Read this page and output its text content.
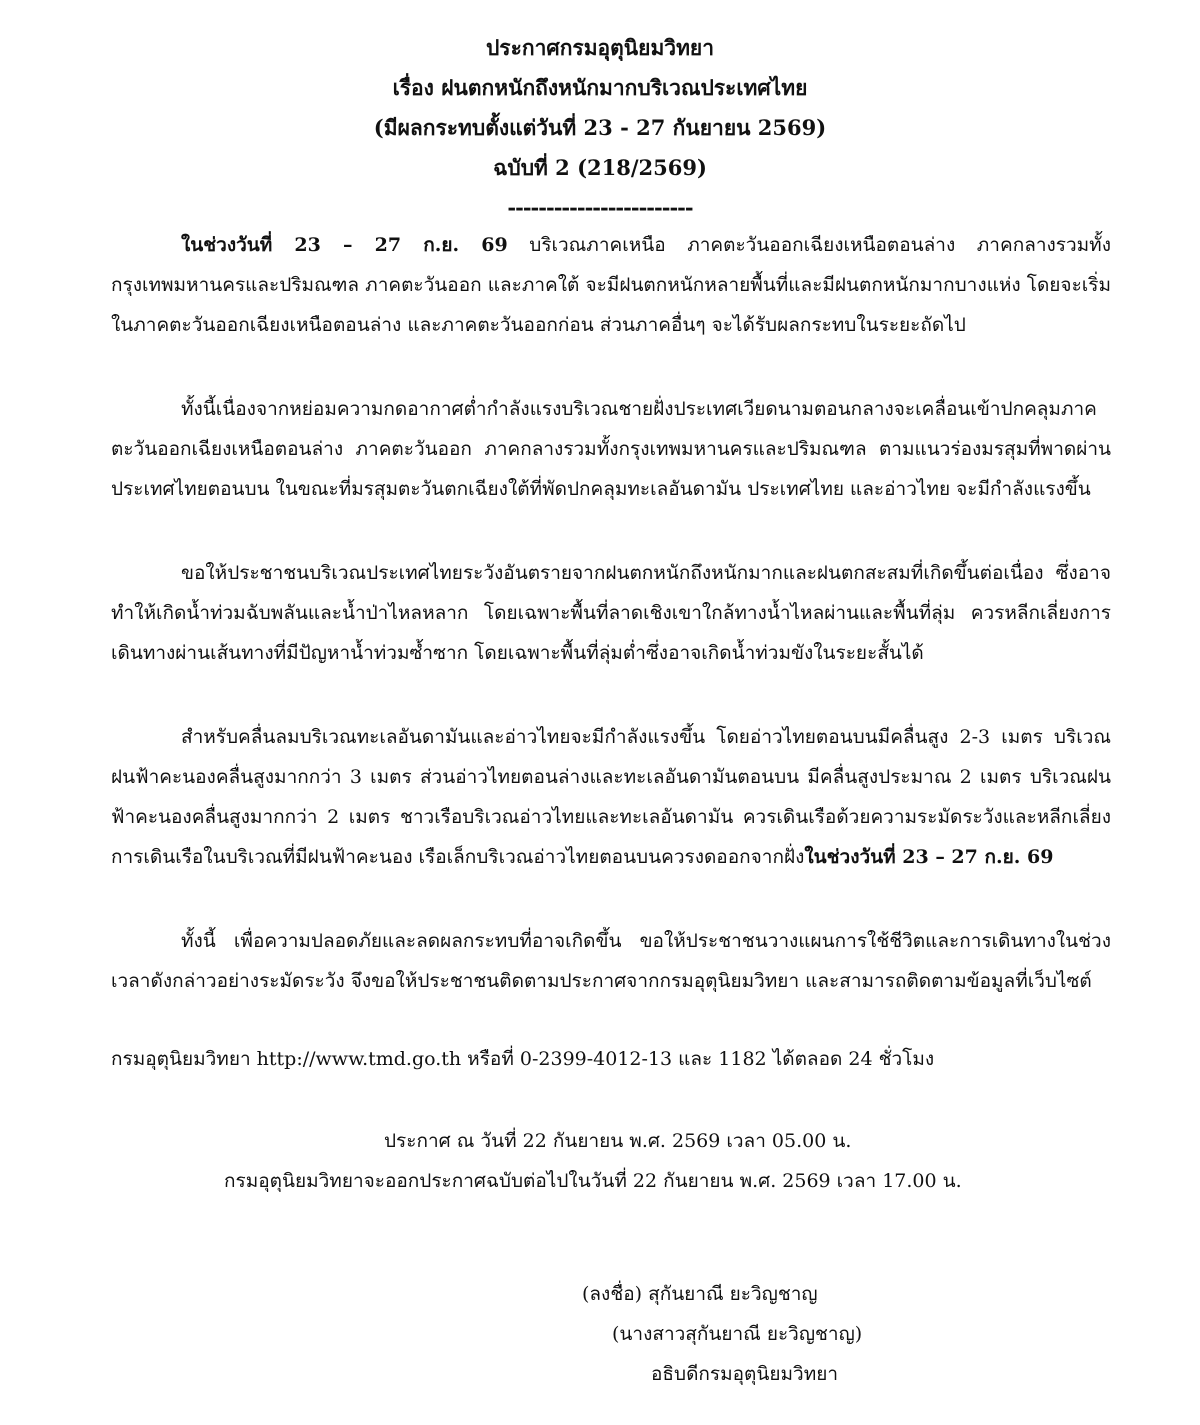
ประกาศกรมอุตุนิยมวิทยา
เรื่อง ฝนตกหนักถึงหนักมากบริเวณประเทศไทย
(มีผลกระทบตั้งแต่วันที่ 23 - 27 กันยายน 2569)
ฉบับที่ 2 (218/2569)
------------------------

ในช่วงวันที่ 23 – 27 ก.ย. 69 บริเวณภาคเหนือ ภาคตะวันออกเฉียงเหนือตอนล่าง ภาคกลางรวมทั้งกรุงเทพมหานครและปริมณฑล ภาคตะวันออก และภาคใต้ จะมีฝนตกหนักหลายพื้นที่และมีฝนตกหนักมากบางแห่ง โดยจะเริ่มในภาคตะวันออกเฉียงเหนือตอนล่าง และภาคตะวันออกก่อน ส่วนภาคอื่นๆ จะได้รับผลกระทบในระยะถัดไป

ทั้งนี้เนื่องจากหย่อมความกดอากาศต่ำกำลังแรงบริเวณชายฝั่งประเทศเวียดนามตอนกลางจะเคลื่อนเข้าปกคลุมภาคตะวันออกเฉียงเหนือตอนล่าง ภาคตะวันออก ภาคกลางรวมทั้งกรุงเทพมหานครและปริมณฑล ตามแนวร่องมรสุมที่พาดผ่านประเทศไทยตอนบน ในขณะที่มรสุมตะวันตกเฉียงใต้ที่พัดปกคลุมทะเลอันดามัน ประเทศไทย และอ่าวไทย จะมีกำลังแรงขึ้น

ขอให้ประชาชนบริเวณประเทศไทยระวังอันตรายจากฝนตกหนักถึงหนักมากและฝนตกสะสมที่เกิดขึ้นต่อเนื่อง ซึ่งอาจทำให้เกิดน้ำท่วมฉับพลันและน้ำป่าไหลหลาก โดยเฉพาะพื้นที่ลาดเชิงเขาใกล้ทางน้ำไหลผ่านและพื้นที่ลุ่ม ควรหลีกเลี่ยงการเดินทางผ่านเส้นทางที่มีปัญหาน้ำท่วมซ้ำซาก โดยเฉพาะพื้นที่ลุ่มต่ำซึ่งอาจเกิดน้ำท่วมขังในระยะสั้นได้

สำหรับคลื่นลมบริเวณทะเลอันดามันและอ่าวไทยจะมีกำลังแรงขึ้น โดยอ่าวไทยตอนบนมีคลื่นสูง 2-3 เมตร บริเวณฝนฟ้าคะนองคลื่นสูงมากกว่า 3 เมตร ส่วนอ่าวไทยตอนล่างและทะเลอันดามันตอนบน มีคลื่นสูงประมาณ 2 เมตร บริเวณฝนฟ้าคะนองคลื่นสูงมากกว่า 2 เมตร ชาวเรือบริเวณอ่าวไทยและทะเลอันดามัน ควรเดินเรือด้วยความระมัดระวังและหลีกเลี่ยงการเดินเรือในบริเวณที่มีฝนฟ้าคะนอง เรือเล็กบริเวณอ่าวไทยตอนบนควรงดออกจากฝั่งในช่วงวันที่ 23 – 27 ก.ย. 69

ทั้งนี้ เพื่อความปลอดภัยและลดผลกระทบที่อาจเกิดขึ้น ขอให้ประชาชนวางแผนการใช้ชีวิตและการเดินทางในช่วงเวลาดังกล่าวอย่างระมัดระวัง จึงขอให้ประชาชนติดตามประกาศจากกรมอุตุนิยมวิทยา และสามารถติดตามข้อมูลที่เว็บไซต์

กรมอุตุนิยมวิทยา http://www.tmd.go.th หรือที่ 0-2399-4012-13 และ 1182 ได้ตลอด 24 ชั่วโมง
ประกาศ ณ วันที่ 22 กันยายน พ.ศ. 2569 เวลา 05.00 น.
กรมอุตุนิยมวิทยาจะออกประกาศฉบับต่อไปในวันที่ 22 กันยายน พ.ศ. 2569 เวลา 17.00 น.
(ลงชื่อ) สุกันยาณี ยะวิญชาญ
(นางสาวสุกันยาณี ยะวิญชาญ)
อธิบดีกรมอุตุนิยมวิทยา
